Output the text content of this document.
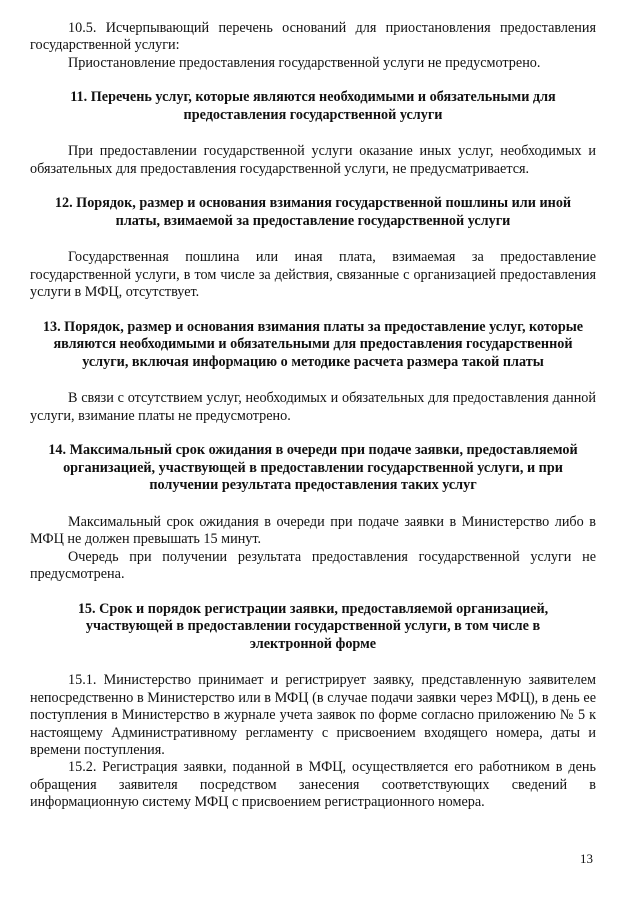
10.5. Исчерпывающий перечень оснований для приостановления предоставления государственной услуги:

Приостановление предоставления государственной услуги не предусмотрено.

11. Перечень услуг, которые являются необходимыми и обязательными для предоставления государственной услуги

При предоставлении государственной услуги оказание иных услуг, необходимых и обязательных для предоставления государственной услуги, не предусматривается.

12. Порядок, размер и основания взимания государственной пошлины или иной платы, взимаемой за предоставление государственной услуги

Государственная пошлина или иная плата, взимаемая за предоставление государственной услуги, в том числе за действия, связанные с организацией предоставления услуги в МФЦ, отсутствует.

13. Порядок, размер и основания взимания платы за предоставление услуг, которые являются необходимыми и обязательными для предоставления государственной услуги, включая информацию о методике расчета размера такой платы

В связи с отсутствием услуг, необходимых и обязательных для предоставления данной услуги, взимание платы не предусмотрено.

14. Максимальный срок ожидания в очереди при подаче заявки, предоставляемой организацией, участвующей в предоставлении государственной услуги, и при получении результата предоставления таких услуг

Максимальный срок ожидания в очереди при подаче заявки в Министерство либо в МФЦ не должен превышать 15 минут.

Очередь при получении результата предоставления государственной услуги не предусмотрена.

15. Срок и порядок регистрации заявки, предоставляемой организацией, участвующей в предоставлении государственной услуги, в том числе в электронной форме

15.1. Министерство принимает и регистрирует заявку, представленную заявителем непосредственно в Министерство или в МФЦ (в случае подачи заявки через МФЦ), в день ее поступления в Министерство в журнале учета заявок по форме согласно приложению № 5 к настоящему Административному регламенту с присвоением входящего номера, даты и времени поступления.

15.2. Регистрация заявки, поданной в МФЦ, осуществляется его работником в день обращения заявителя посредством занесения соответствующих сведений в информационную систему МФЦ с присвоением регистрационного номера.

13
